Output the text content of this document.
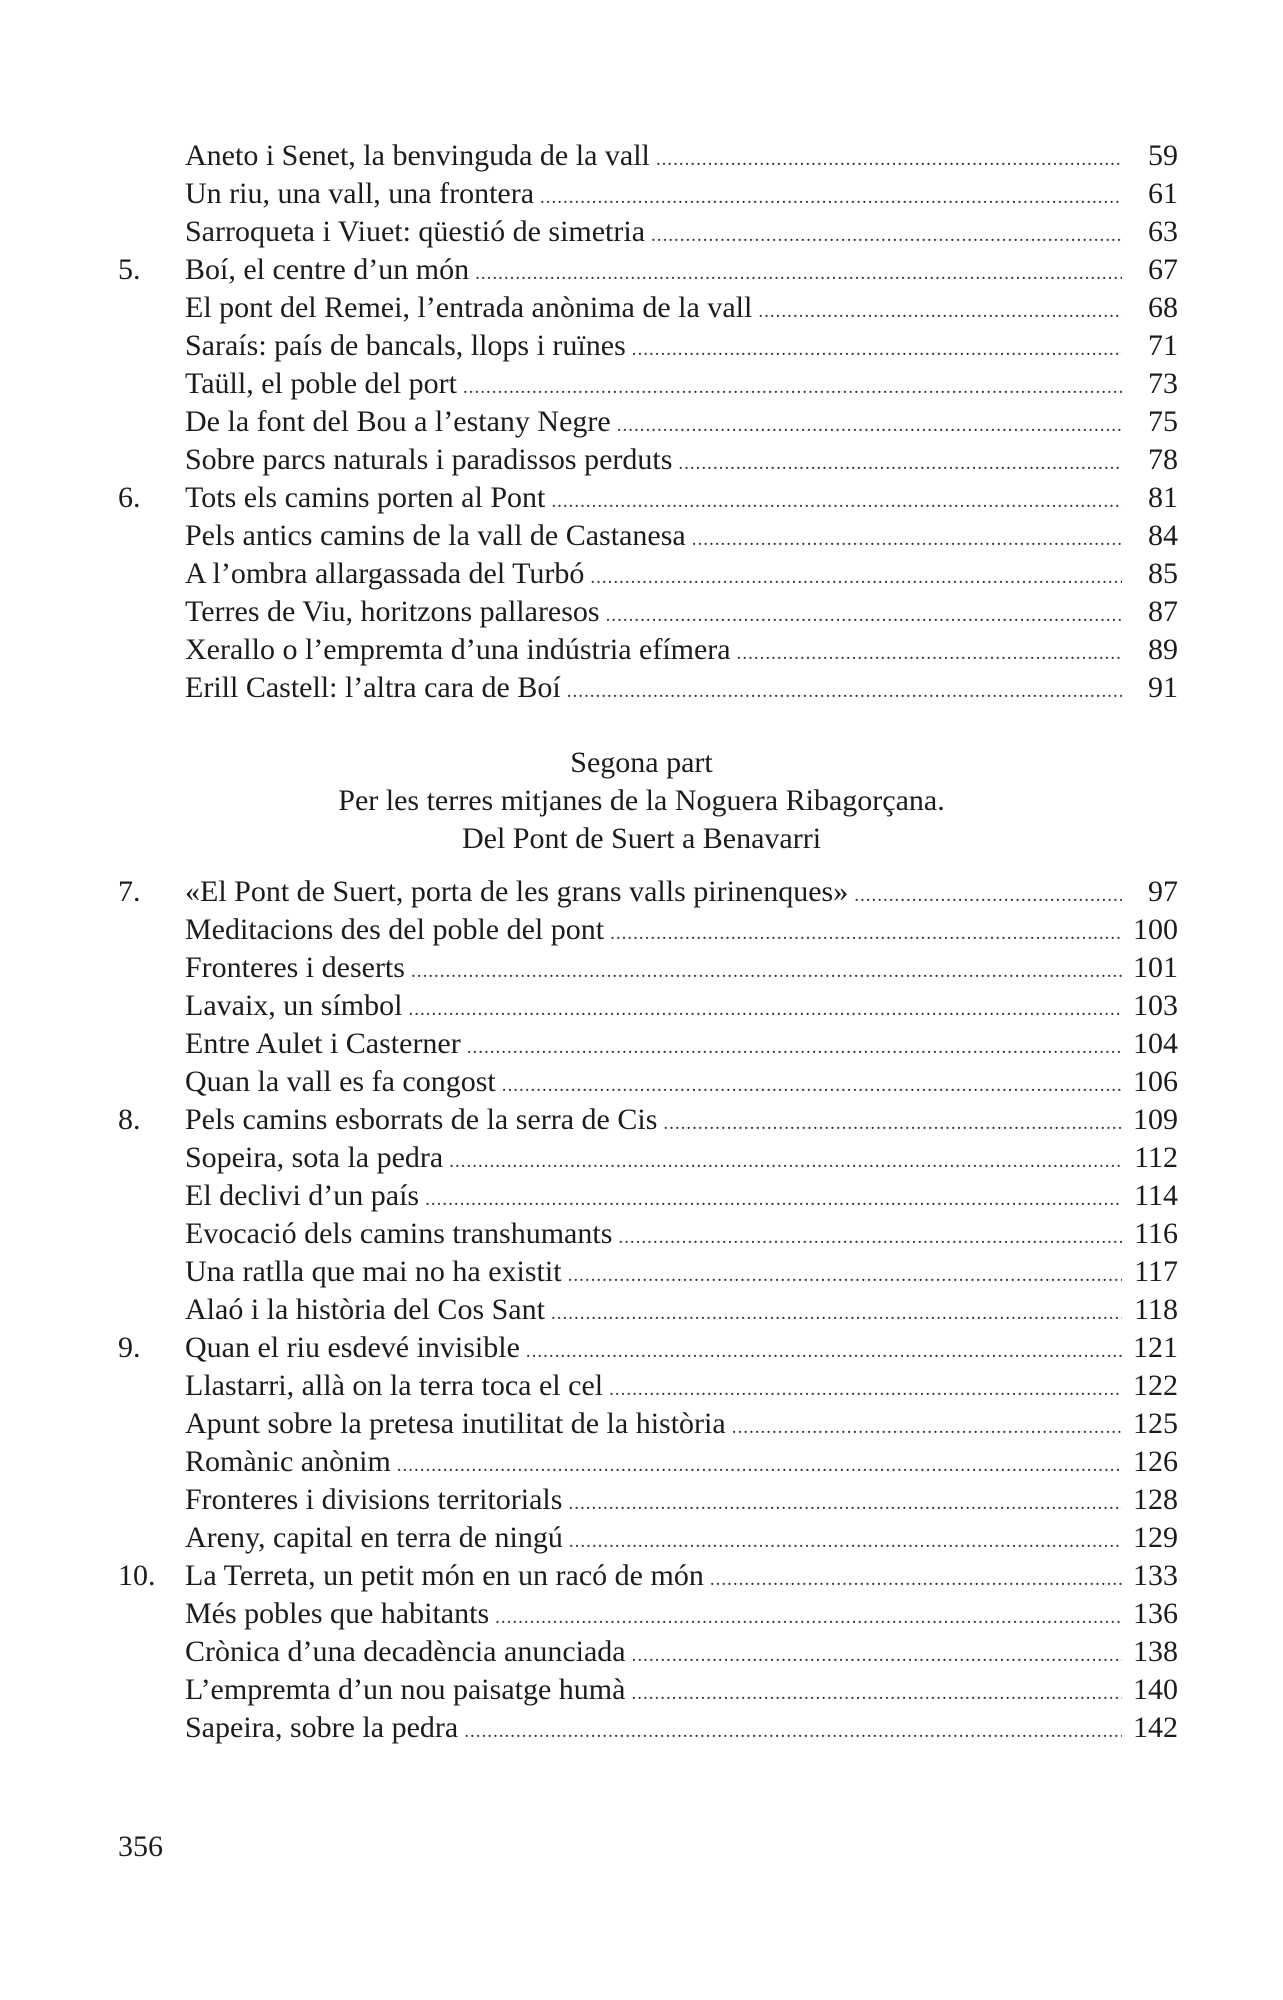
Aneto i Senet, la benvinguda de la vall .....	59
Un riu, una vall, una frontera .....	61
Sarroqueta i Viuet: qüestió de simetria .....	63
5. Boí, el centre d’un món .....	67
El pont del Remei, l’entrada anònima de la vall .....	68
Saraís: país de bancals, llops i ruïnes .....	71
Taüll, el poble del port .....	73
De la font del Bou a l’estany Negre .....	75
Sobre parcs naturals i paradissos perduts .....	78
6. Tots els camins porten al Pont .....	81
Pels antics camins de la vall de Castanesa .....	84
A l’ombra allargassada del Turbó .....	85
Terres de Viu, horitzons pallaresos .....	87
Xerallo o l’empremta d’una indústria efímera .....	89
Erill Castell: l’altra cara de Boí .....	91
Segona part
Per les terres mitjanes de la Noguera Ribagorçana.
Del Pont de Suert a Benavarri
7. «El Pont de Suert, porta de les grans valls pirinenques» .....	97
Meditacions des del poble del pont .....	100
Fronteres i deserts .....	101
Lavaix, un símbol .....	103
Entre Aulet i Casterner .....	104
Quan la vall es fa congost .....	106
8. Pels camins esborrats de la serra de Cis .....	109
Sopeira, sota la pedra .....	112
El declivi d’un país .....	114
Evocació dels camins transhumants .....	116
Una ratlla que mai no ha existit .....	117
Alaó i la història del Cos Sant .....	118
9. Quan el riu esdevé invisible .....	121
Llastarri, allà on la terra toca el cel .....	122
Apunt sobre la pretesa inutilitat de la història .....	125
Romànic anònim .....	126
Fronteres i divisions territorials .....	128
Areny, capital en terra de ningú .....	129
10. La Terreta, un petit món en un racó de món .....	133
Més pobles que habitants .....	136
Crònica d’una decadència anunciada .....	138
L’empremta d’un nou paisatge humà .....	140
Sapeira, sobre la pedra .....	142
356
